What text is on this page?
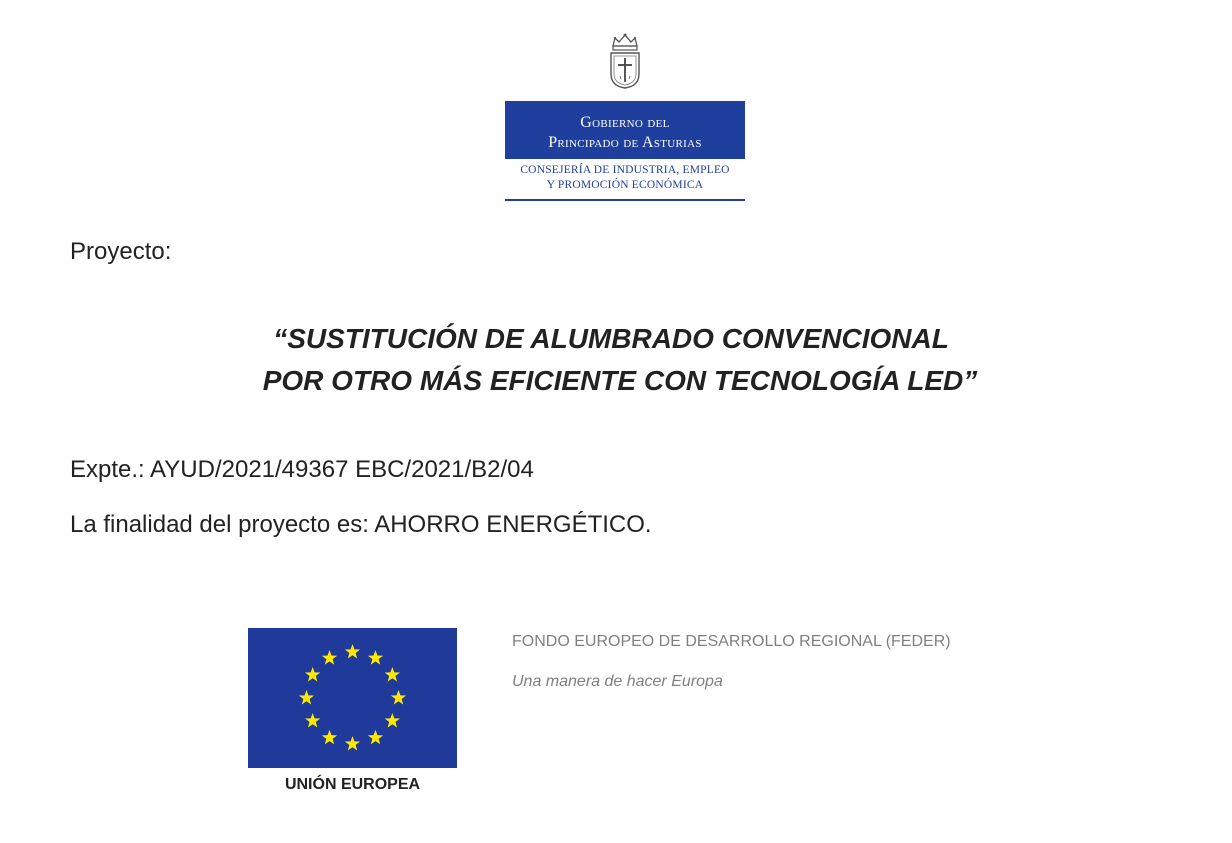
Gobierno del
Principado de Asturias
CONSEJERÍA DE INDUSTRIA, EMPLEO
Y PROMOCIÓN ECONÓMICA
Proyecto:
“SUSTITUCIÓN DE ALUMBRADO CONVENCIONAL
POR OTRO MÁS EFICIENTE CON TECNOLOGÍA LED”
Expte.: AYUD/2021/49367 EBC/2021/B2/04
La finalidad del proyecto es: AHORRO ENERGÉTICO.
UNIÓN EUROPEA
FONDO EUROPEO DE DESARROLLO REGIONAL (FEDER)
Una manera de hacer Europa
